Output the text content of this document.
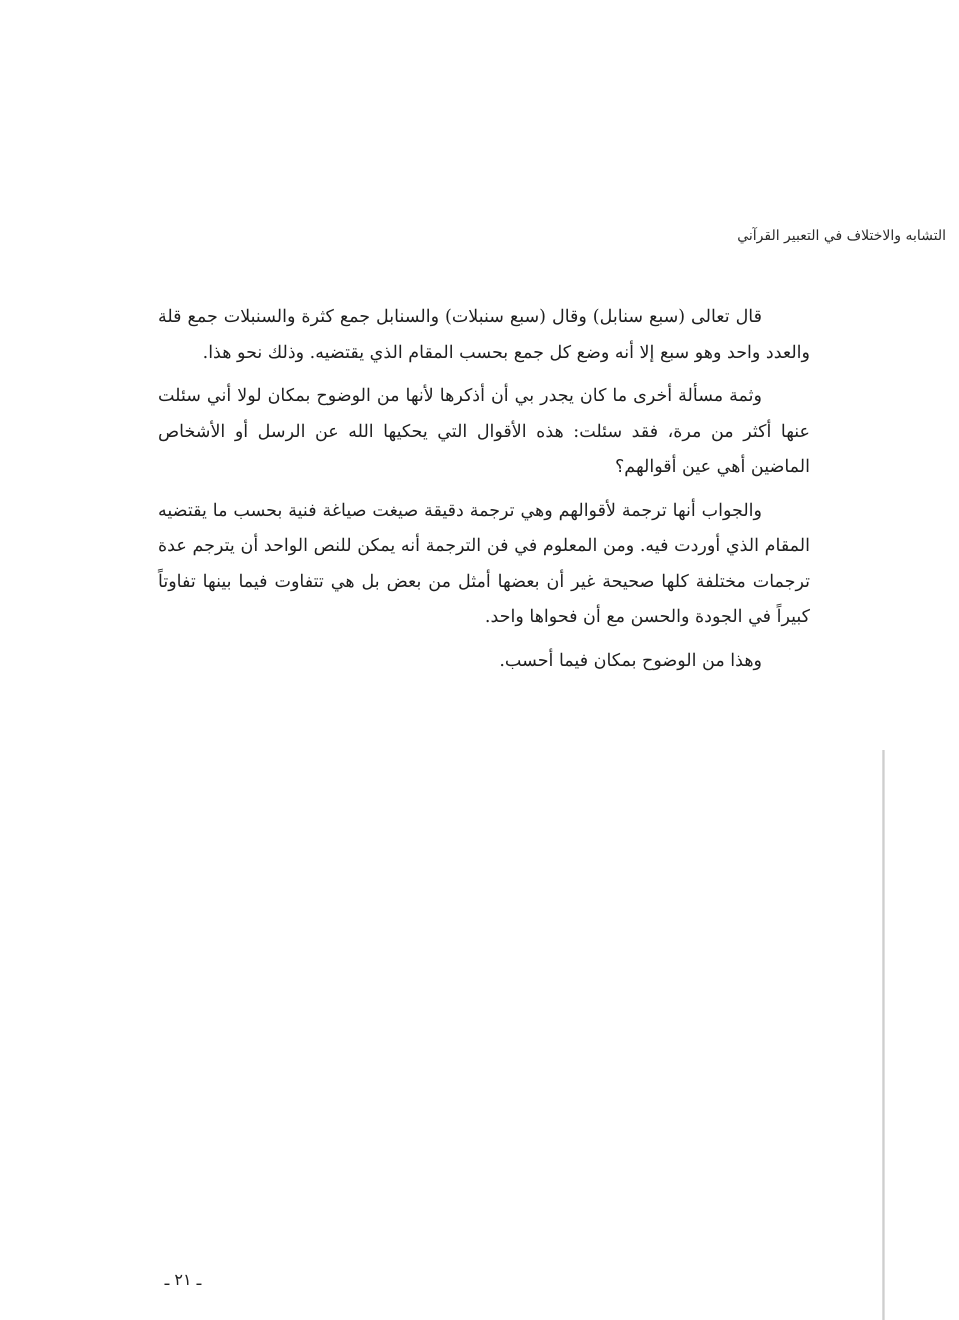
التشابه والاختلاف في التعبير القرآني

قال تعالى (سبع سنابل) وقال (سبع سنبلات) والسنابل جمع كثرة والسنبلات جمع قلة والعدد واحد وهو سبع إلا أنه وضع كل جمع بحسب المقام الذي يقتضيه. وذلك نحو هذا.

وثمة مسألة أخرى ما كان يجدر بي أن أذكرها لأنها من الوضوح بمكان لولا أني سئلت عنها أكثر من مرة، فقد سئلت: هذه الأقوال التي يحكيها الله عن الرسل أو الأشخاص الماضين أهي عين أقوالهم؟

والجواب أنها ترجمة لأقوالهم وهي ترجمة دقيقة صيغت صياغة فنية بحسب ما يقتضيه المقام الذي أوردت فيه. ومن المعلوم في فن الترجمة أنه يمكن للنص الواحد أن يترجم عدة ترجمات مختلفة كلها صحيحة غير أن بعضها أمثل من بعض بل هي تتفاوت فيما بينها تفاوتاً كبيراً في الجودة والحسن مع أن فحواها واحد.

وهذا من الوضوح بمكان فيما أحسب.

ـ ٢١ ـ
